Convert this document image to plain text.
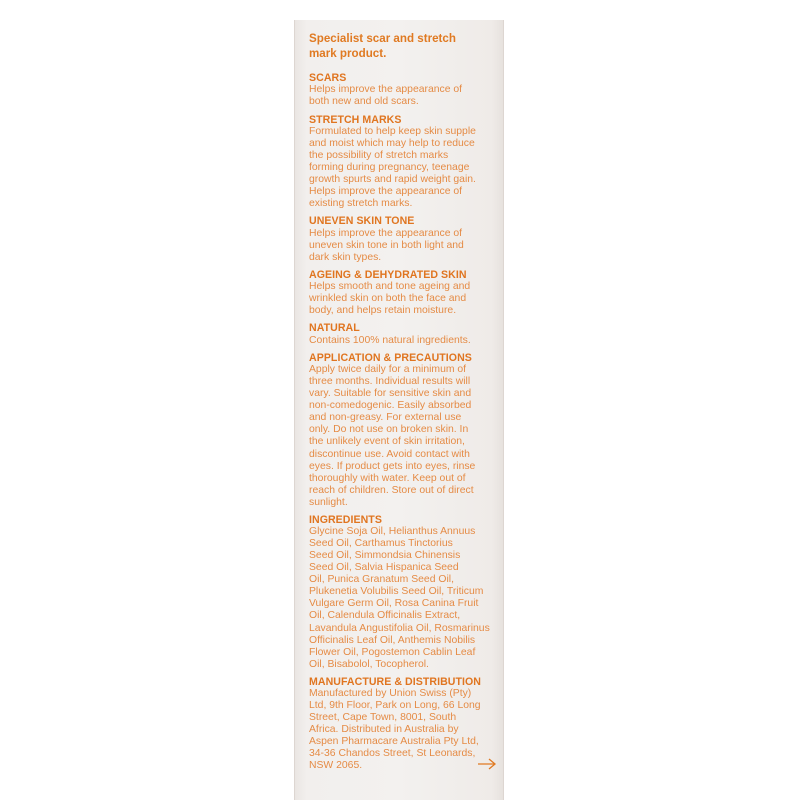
Specialist scar and stretch
mark product.

SCARS

Helps improve the appearance of
both new and old scars.

STRETCH MARKS

Formulated to help keep skin supple
and moist which may help to reduce
the possibility of stretch marks
forming during pregnancy, teenage
growth spurts and rapid weight gain.
Helps improve the appearance of
existing stretch marks.

UNEVEN SKIN TONE

Helps improve the appearance of
uneven skin tone in both light and
dark skin types.

AGEING & DEHYDRATED SKIN

Helps smooth and tone ageing and
wrinkled skin on both the face and
body, and helps retain moisture.

NATURAL

Contains 100% natural ingredients.

APPLICATION & PRECAUTIONS

Apply twice daily for a minimum of
three months. Individual results will
vary. Suitable for sensitive skin and
non-comedogenic. Easily absorbed
and non-greasy. For external use
only. Do not use on broken skin. In
the unlikely event of skin irritation,
discontinue use. Avoid contact with
eyes. If product gets into eyes, rinse
thoroughly with water. Keep out of
reach of children. Store out of direct
sunlight.

INGREDIENTS

Glycine Soja Oil, Helianthus Annuus
Seed Oil, Carthamus Tinctorius
Seed Oil, Simmondsia Chinensis
Seed Oil, Salvia Hispanica Seed
Oil, Punica Granatum Seed Oil,
Plukenetia Volubilis Seed Oil, Triticum
Vulgare Germ Oil, Rosa Canina Fruit
Oil, Calendula Officinalis Extract,
Lavandula Angustifolia Oil, Rosmarinus
Officinalis Leaf Oil, Anthemis Nobilis
Flower Oil, Pogostemon Cablin Leaf
Oil, Bisabolol, Tocopherol.

MANUFACTURE & DISTRIBUTION

Manufactured by Union Swiss (Pty)
Ltd, 9th Floor, Park on Long, 66 Long
Street, Cape Town, 8001, South
Africa. Distributed in Australia by
Aspen Pharmacare Australia Pty Ltd,
34-36 Chandos Street, St Leonards,
NSW 2065.
